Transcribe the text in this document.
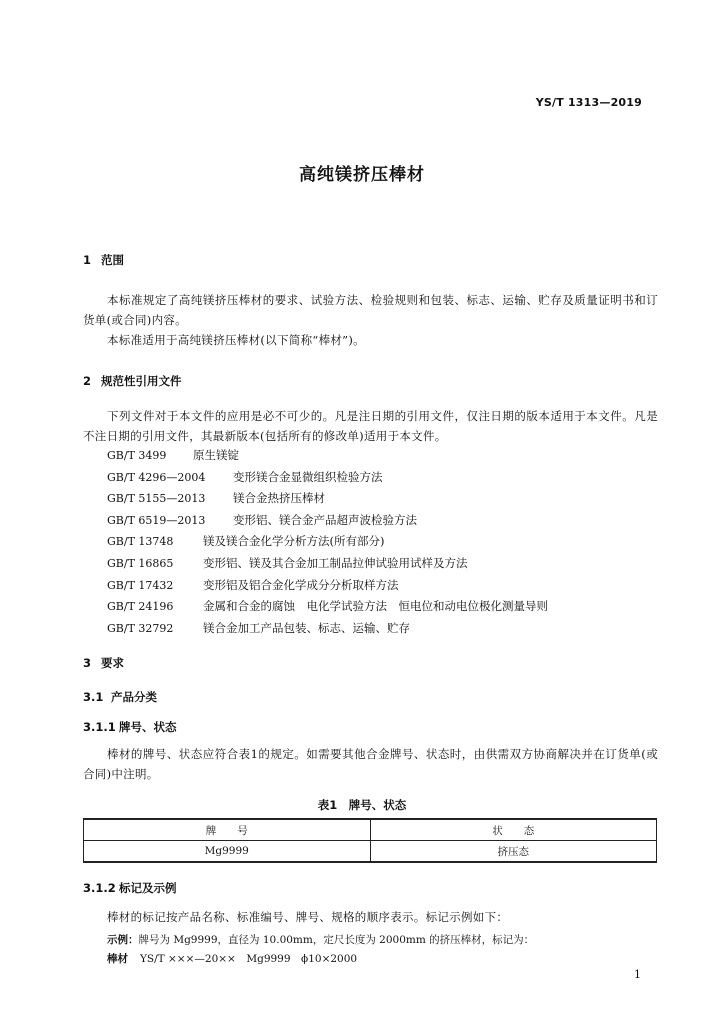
YS/T 1313—2019
高纯镁挤压棒材
1 范围
本标准规定了高纯镁挤压棒材的要求、试验方法、检验规则和包装、标志、运输、贮存及质量证明书和订货单(或合同)内容。
本标准适用于高纯镁挤压棒材(以下简称“棒材”)。
2 规范性引用文件
下列文件对于本文件的应用是必不可少的。凡是注日期的引用文件，仅注日期的版本适用于本文件。凡是不注日期的引用文件，其最新版本(包括所有的修改单)适用于本文件。
GB/T 3499 原生镁锭
GB/T 4296—2004 变形镁合金显微组织检验方法
GB/T 5155—2013 镁合金热挤压棒材
GB/T 6519—2013 变形铝、镁合金产品超声波检验方法
GB/T 13748	镁及镁合金化学分析方法(所有部分)
GB/T 16865	变形铝、镁及其合金加工制品拉伸试验用试样及方法
GB/T 17432	变形铝及铝合金化学成分分析取样方法
GB/T 24196	金属和合金的腐蚀　电化学试验方法　恒电位和动电位极化测量导则
GB/T 32792	镁合金加工产品包装、标志、运输、贮存
3 要求
3.1 产品分类
3.1.1 牌号、状态
棒材的牌号、状态应符合表1的规定。如需要其他合金牌号、状态时，由供需双方协商解决并在订货单(或合同)中注明。
表1　牌号、状态
牌　　号	状　　态
Mg9999	挤压态
3.1.2 标记及示例
棒材的标记按产品名称、标准编号、牌号、规格的顺序表示。标记示例如下：
示例：牌号为 Mg9999，直径为 10.00mm，定尺长度为 2000mm 的挤压棒材，标记为：
棒材 YS/T ×××—20××　Mg9999　ϕ10×2000
1
